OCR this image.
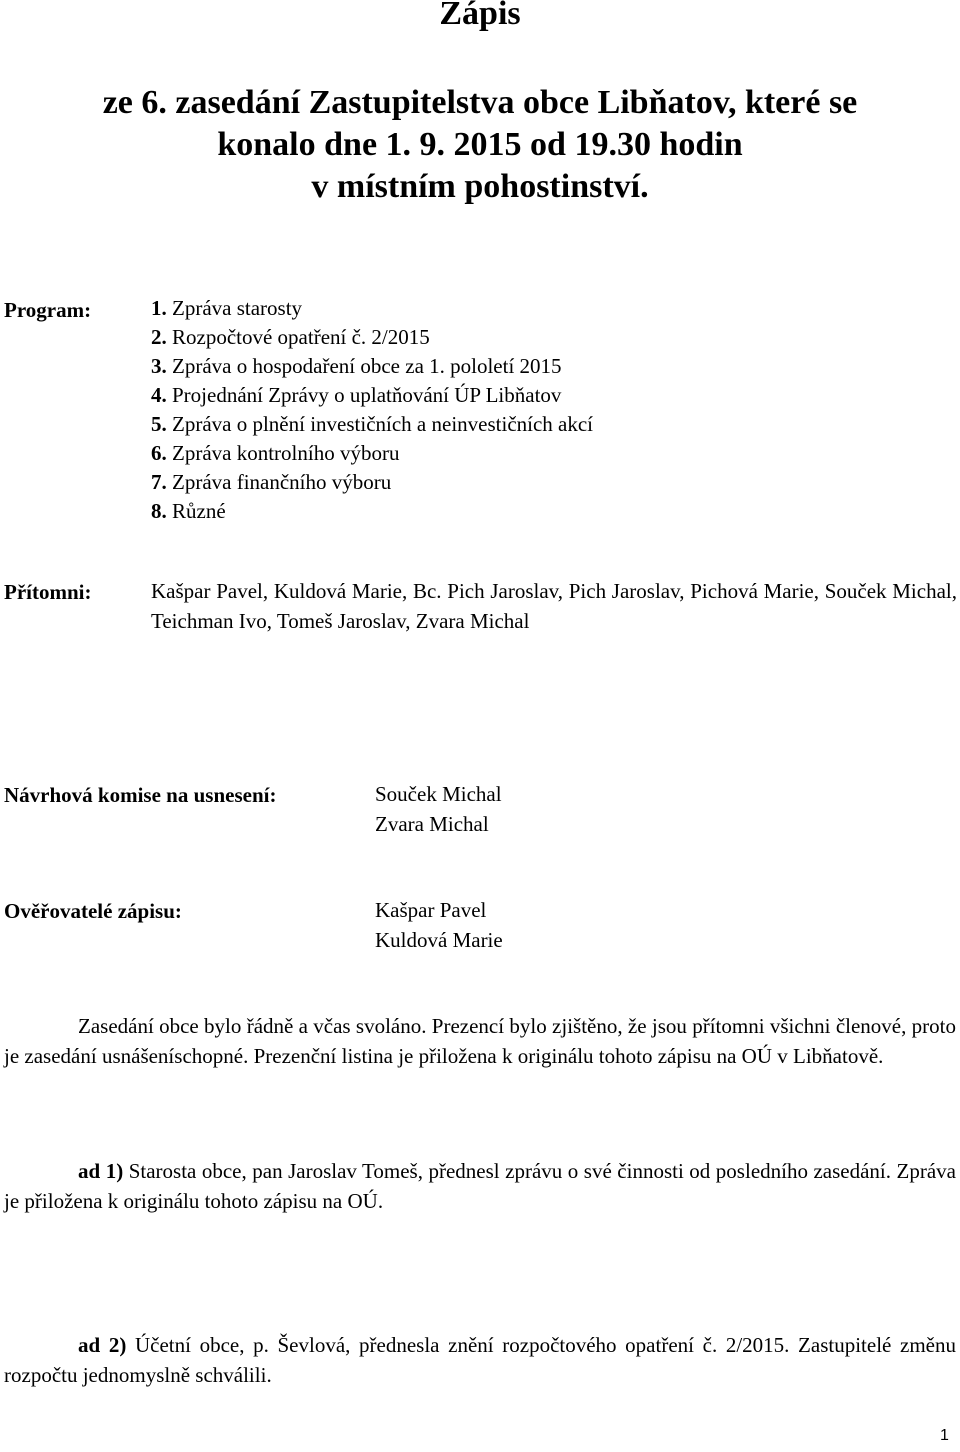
Zápis
ze 6. zasedání Zastupitelstva obce Libňatov, které se
konalo dne 1. 9. 2015 od 19.30 hodin
v místním pohostinství.
Program:	1. Zpráva starosty
2. Rozpočtové opatření č. 2/2015
3. Zpráva o hospodaření obce za 1. pololetí 2015
4. Projednání Zprávy o uplatňování ÚP Libňatov
5. Zpráva o plnění investičních a neinvestičních akcí
6. Zpráva kontrolního výboru
7. Zpráva finančního výboru
8. Různé
Přítomni:	Kašpar Pavel, Kuldová Marie, Bc. Pich Jaroslav, Pich Jaroslav, Pichová Marie, Souček Michal, Teichman Ivo, Tomeš Jaroslav, Zvara Michal
Návrhová komise na usnesení:	Souček Michal
Zvara Michal
Ověřovatelé zápisu:	Kašpar Pavel
Kuldová Marie
Zasedání obce bylo řádně a včas svoláno. Prezencí bylo zjištěno, že jsou přítomni všichni členové, proto je zasedání usnášeníschopné. Prezenční listina je přiložena k originálu tohoto zápisu na OÚ v Libňatově.
ad 1) Starosta obce, pan Jaroslav Tomeš, přednesl zprávu o své činnosti od posledního zasedání. Zpráva je přiložena k originálu tohoto zápisu na OÚ.
ad 2) Účetní obce, p. Ševlová, přednesla znění rozpočtového opatření č. 2/2015. Zastupitelé změnu rozpočtu jednomyslně schválili.
1
